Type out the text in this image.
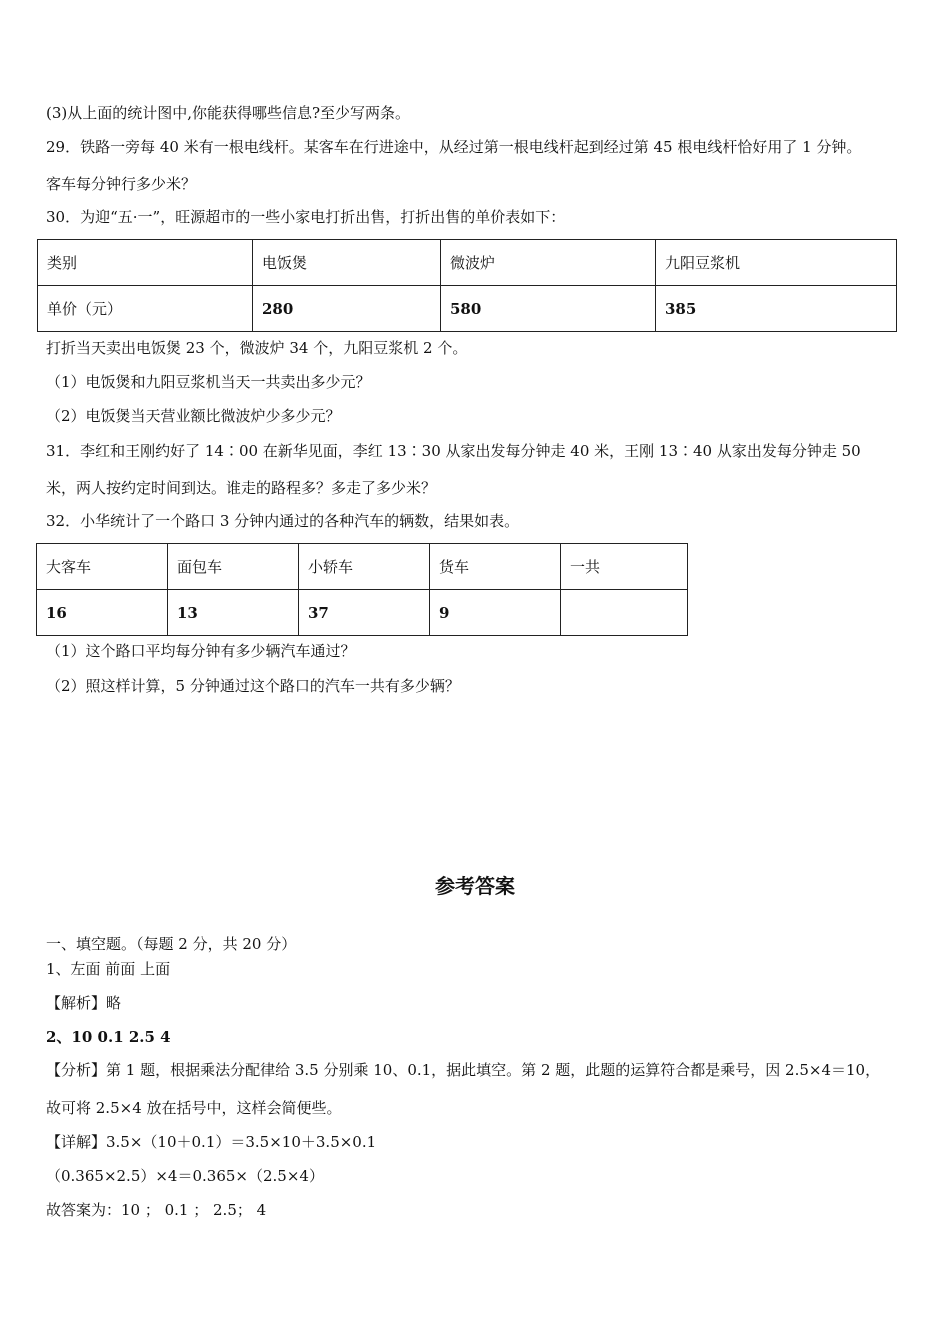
(3)从上面的统计图中,你能获得哪些信息?至少写两条。
29．铁路一旁每 40 米有一根电线杆。某客车在行进途中，从经过第一根电线杆起到经过第 45 根电线杆恰好用了 1 分钟。
客车每分钟行多少米？
30．为迎“五·一”，旺源超市的一些小家电打折出售，打折出售的单价表如下：
类别	电饭煲	微波炉	九阳豆浆机
单价（元）	280	580	385
打折当天卖出电饭煲 23 个，微波炉 34 个，九阳豆浆机 2 个。
（1）电饭煲和九阳豆浆机当天一共卖出多少元？
（2）电饭煲当天营业额比微波炉少多少元？
31．李红和王刚约好了 14∶00 在新华见面，李红 13∶30 从家出发每分钟走 40 米，王刚 13∶40 从家出发每分钟走 50
米，两人按约定时间到达。谁走的路程多？多走了多少米？
32．小华统计了一个路口 3 分钟内通过的各种汽车的辆数，结果如表。
大客车	面包车	小轿车	货车	一共
16	13	37	9	
（1）这个路口平均每分钟有多少辆汽车通过？
（2）照这样计算，5 分钟通过这个路口的汽车一共有多少辆？
参考答案
一、填空题。（每题 2 分，共 20 分）
1、左面 前面 上面
【解析】略
2、10 0.1 2.5 4
【分析】第 1 题，根据乘法分配律给 3.5 分别乘 10、0.1，据此填空。第 2 题，此题的运算符合都是乘号，因 2.5×4＝10，
故可将 2.5×4 放在括号中，这样会简便些。
【详解】3.5×（10＋0.1）＝3.5×10＋3.5×0.1
（0.365×2.5）×4＝0.365×（2.5×4）
故答案为：10 ； 0.1 ； 2.5； 4
